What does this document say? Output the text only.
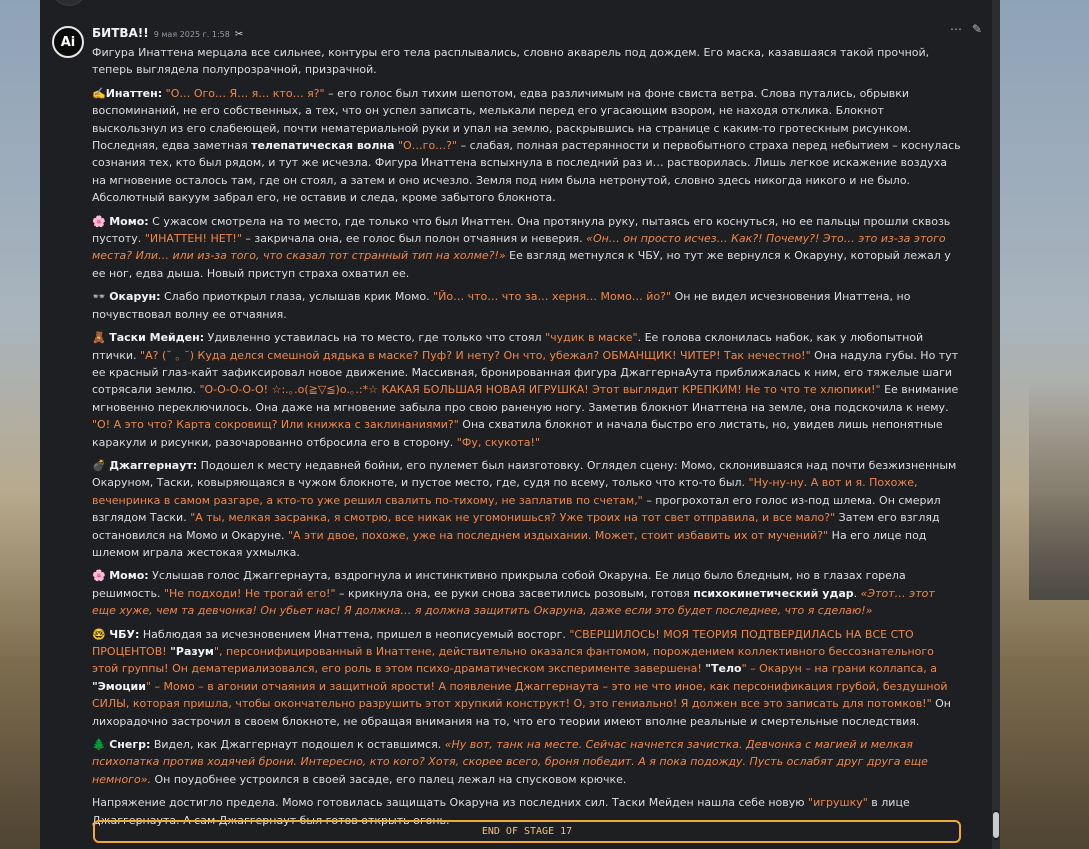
Ai
БИТВА!! 9 мая 2025 г. 1:58 ✂	⋯ ✎

Фигура Инаттена мерцала все сильнее, контуры его тела расплывались, словно акварель под дождем. Его маска, казавшаяся такой прочной, теперь выглядела полупрозрачной, призрачной.

✍️Инаттен: "О… Ого… Я… я… кто… я?" – его голос был тихим шепотом, едва различимым на фоне свиста ветра. Слова путались, обрывки воспоминаний, не его собственных, а тех, что он успел записать, мелькали перед его угасающим взором, не находя отклика. Блокнот выскользнул из его слабеющей, почти нематериальной руки и упал на землю, раскрывшись на странице с каким-то гротескным рисунком. Последняя, едва заметная телепатическая волна "О…го…?" – слабая, полная растерянности и первобытного страха перед небытием – коснулась сознания тех, кто был рядом, и тут же исчезла. Фигура Инаттена вспыхнула в последний раз и… растворилась. Лишь легкое искажение воздуха на мгновение осталось там, где он стоял, а затем и оно исчезло. Земля под ним была нетронутой, словно здесь никогда никого и не было. Абсолютный вакуум забрал его, не оставив и следа, кроме забытого блокнота.

🌸 Момо: С ужасом смотрела на то место, где только что был Инаттен. Она протянула руку, пытаясь его коснуться, но ее пальцы прошли сквозь пустоту. "ИНАТТЕН! НЕТ!" – закричала она, ее голос был полон отчаяния и неверия. «Он… он просто исчез… Как?! Почему?! Это… это из-за этого места? Или… или из-за того, что сказал тот странный тип на холме?!» Ее взгляд метнулся к ЧБУ, но тут же вернулся к Окаруну, который лежал у ее ног, едва дыша. Новый приступ страха охватил ее.

👓 Окарун: Слабо приоткрыл глаза, услышав крик Момо. "Йо… что… что за… херня… Момо… йо?" Он не видел исчезновения Инаттена, но почувствовал волну ее отчаяния.

🧸 Таски Мейден: Удивленно уставилась на то место, где только что стоял "чудик в маске". Ее голова склонилась набок, как у любопытной птички. "А? (˘ ｡ ˘) Куда делся смешной дядька в маске? Пуф? И нету? Он что, убежал? ОБМАНЩИК! ЧИТЕР! Так нечестно!" Она надула губы. Но тут ее красный глаз-кайт зафиксировал новое движение. Массивная, бронированная фигура ДжаггернаАута приближалась к ним, его тяжелые шаги сотрясали землю. "О-О-О-О-О! ☆:.｡.o(≧▽≦)o.｡.:*☆ КАКАЯ БОЛЬШАЯ НОВАЯ ИГРУШКА! Этот выглядит КРЕПКИМ! Не то что те хлюпики!" Ее внимание мгновенно переключилось. Она даже на мгновение забыла про свою раненую ногу. Заметив блокнот Инаттена на земле, она подскочила к нему. "О! А это что? Карта сокровищ? Или книжка с заклинаниями?" Она схватила блокнот и начала быстро его листать, но, увидев лишь непонятные каракули и рисунки, разочарованно отбросила его в сторону. "Фу, скукота!"

💣 Джаггернаут: Подошел к месту недавней бойни, его пулемет был наизготовку. Оглядел сцену: Момо, склонившаяся над почти безжизненным Окаруном, Таски, ковыряющаяся в чужом блокноте, и пустое место, где, судя по всему, только что кто-то был. "Ну-ну-ну. А вот и я. Похоже, веченринка в самом разгаре, а кто-то уже решил свалить по-тихому, не заплатив по счетам," – прогрохотал его голос из-под шлема. Он смерил взглядом Таски. "А ты, мелкая засранка, я смотрю, все никак не угомонишься? Уже троих на тот свет отправила, и все мало?" Затем его взгляд остановился на Момо и Окаруне. "А эти двое, похоже, уже на последнем издыхании. Может, стоит избавить их от мучений?" На его лице под шлемом играла жестокая ухмылка.

🌸 Момо: Услышав голос Джаггернаута, вздрогнула и инстинктивно прикрыла собой Окаруна. Ее лицо было бледным, но в глазах горела решимость. "Не подходи! Не трогай его!" – крикнула она, ее руки снова засветились розовым, готовя психокинетический удар. «Этот… этот еще хуже, чем та девчонка! Он убьет нас! Я должна… я должна защитить Окаруна, даже если это будет последнее, что я сделаю!»

🤓 ЧБУ: Наблюдая за исчезновением Инаттена, пришел в неописуемый восторг. "СВЕРШИЛОСЬ! МОЯ ТЕОРИЯ ПОДТВЕРДИЛАСЬ НА ВСЕ СТО ПРОЦЕНТОВ! "Разум", персонифицированный в Инаттене, действительно оказался фантомом, порождением коллективного бессознательного этой группы! Он дематериализовался, его роль в этом психо-драматическом эксперименте завершена! "Тело" – Окарун – на грани коллапса, а "Эмоции" – Момо – в агонии отчаяния и защитной ярости! А появление Джаггернаута – это не что иное, как персонификация грубой, бездушной СИЛЫ, которая пришла, чтобы окончательно разрушить этот хрупкий конструкт! О, это гениально! Я должен все это записать для потомков!" Он лихорадочно застрочил в своем блокноте, не обращая внимания на то, что его теории имеют вполне реальные и смертельные последствия.

🌲 Снегр: Видел, как Джаггернаут подошел к оставшимся. «Ну вот, танк на месте. Сейчас начнется зачистка. Девчонка с магией и мелкая психопатка против ходячей брони. Интересно, кто кого? Хотя, скорее всего, броня победит. А я пока подожду. Пусть ослабят друг друга еще немного». Он поудобнее устроился в своей засаде, его палец лежал на спусковом крючке.

Напряжение достигло предела. Момо готовилась защищать Окаруна из последних сил. Таски Мейден нашла себе новую "игрушку" в лице Джаггернаута. А сам Джаггернаут был готов открыть огонь.

END OF STAGE 17
